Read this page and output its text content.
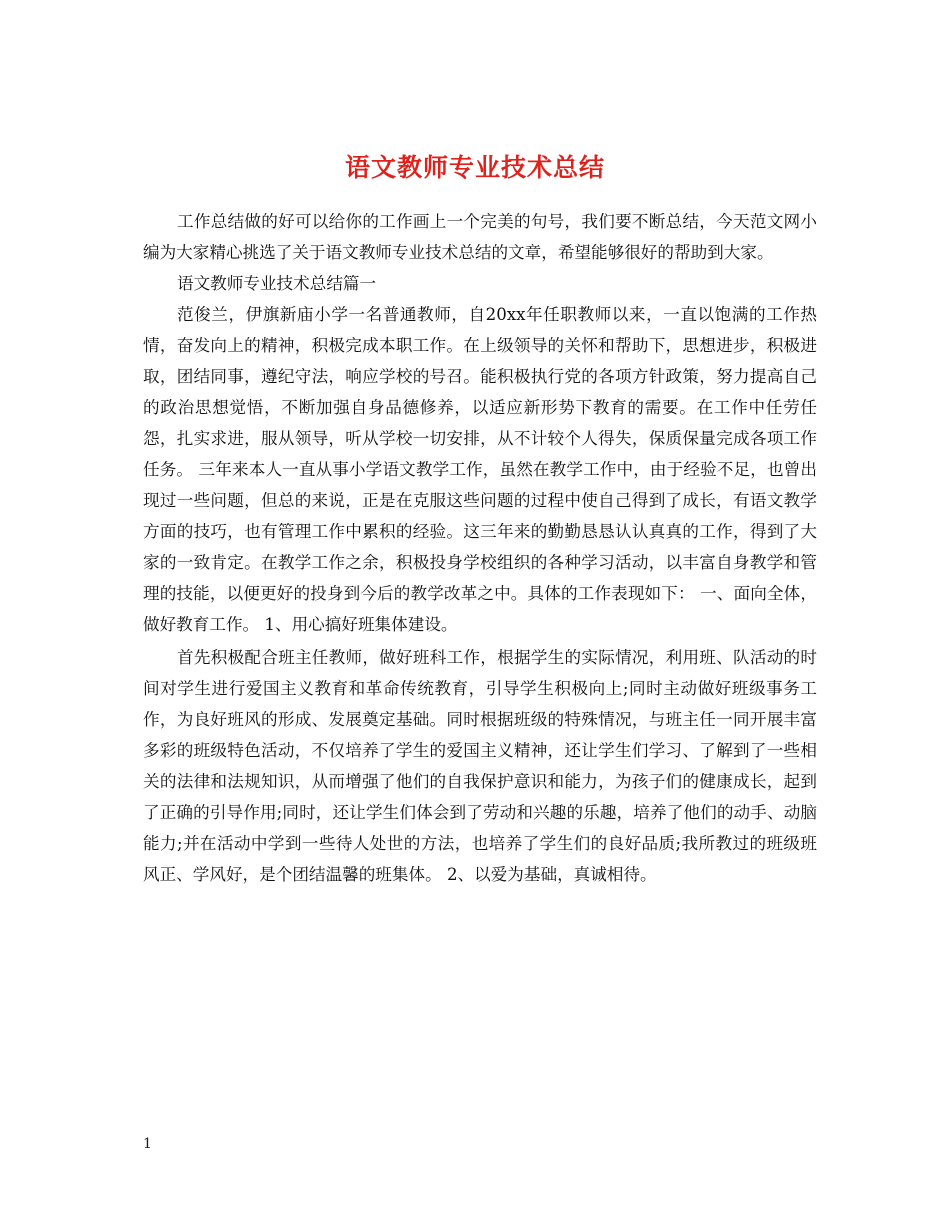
语文教师专业技术总结

工作总结做的好可以给你的工作画上一个完美的句号，我们要不断总结，今天范文网小编为大家精心挑选了关于语文教师专业技术总结的文章，希望能够很好的帮助到大家。

语文教师专业技术总结篇一

范俊兰，伊旗新庙小学一名普通教师，自20xx年任职教师以来，一直以饱满的工作热情，奋发向上的精神，积极完成本职工作。在上级领导的关怀和帮助下，思想进步，积极进取，团结同事，遵纪守法，响应学校的号召。能积极执行党的各项方针政策，努力提高自己的政治思想觉悟，不断加强自身品德修养，以适应新形势下教育的需要。在工作中任劳任怨，扎实求进，服从领导，听从学校一切安排，从不计较个人得失，保质保量完成各项工作任务。 三年来本人一直从事小学语文教学工作，虽然在教学工作中，由于经验不足，也曾出现过一些问题，但总的来说，正是在克服这些问题的过程中使自己得到了成长，有语文教学方面的技巧，也有管理工作中累积的经验。这三年来的勤勤恳恳认认真真的工作，得到了大家的一致肯定。在教学工作之余，积极投身学校组织的各种学习活动，以丰富自身教学和管理的技能，以便更好的投身到今后的教学改革之中。具体的工作表现如下： 一、面向全体，做好教育工作。 1、用心搞好班集体建设。

首先积极配合班主任教师，做好班科工作，根据学生的实际情况，利用班、队活动的时间对学生进行爱国主义教育和革命传统教育，引导学生积极向上;同时主动做好班级事务工作，为良好班风的形成、发展奠定基础。同时根据班级的特殊情况，与班主任一同开展丰富多彩的班级特色活动，不仅培养了学生的爱国主义精神，还让学生们学习、了解到了一些相关的法律和法规知识，从而增强了他们的自我保护意识和能力，为孩子们的健康成长，起到了正确的引导作用;同时，还让学生们体会到了劳动和兴趣的乐趣，培养了他们的动手、动脑能力;并在活动中学到一些待人处世的方法，也培养了学生们的良好品质;我所教过的班级班风正、学风好，是个团结温馨的班集体。 2、以爱为基础，真诚相待。

1
